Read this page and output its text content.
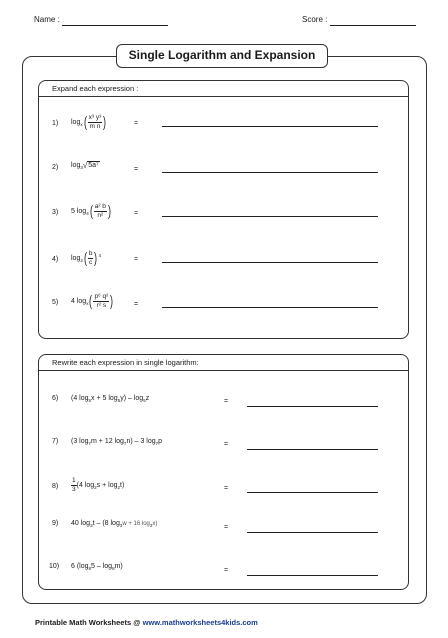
Name :	Score :
Single Logarithm and Expansion
Expand each expression :
1) log x ( $\frac{\text{x³ y³}}{\text{m n}}$ )	=
2) log 3 √ 5a⁷
=
3) 5 log 4 ( $\frac{\text{a² b}}{\text{n²}}$ )	=
4) log 2 ( $\frac{b}{c}$ ) 4
=
5) 4 log x ( $\frac{\text{p⁶ q²}}{\text{r² s}}$ )	=
Rewrite each expression in single logarithm:
6) (4 log 5 x + 5 log 5 y) – log 5 z	=
7) (3 log 7 m + 12 log 7 n) – 3 log 7 p	=
$8) \frac{1}{3} (4$ log 2 s + log 2 t)	=
9) 40 log 3 t – (8 log 3 w + 16 log 3 x)
=
10) 6 (log 8 5 – log 8 m)
=
Printable Math Worksheets @ www.mathworksheets4kids.com
